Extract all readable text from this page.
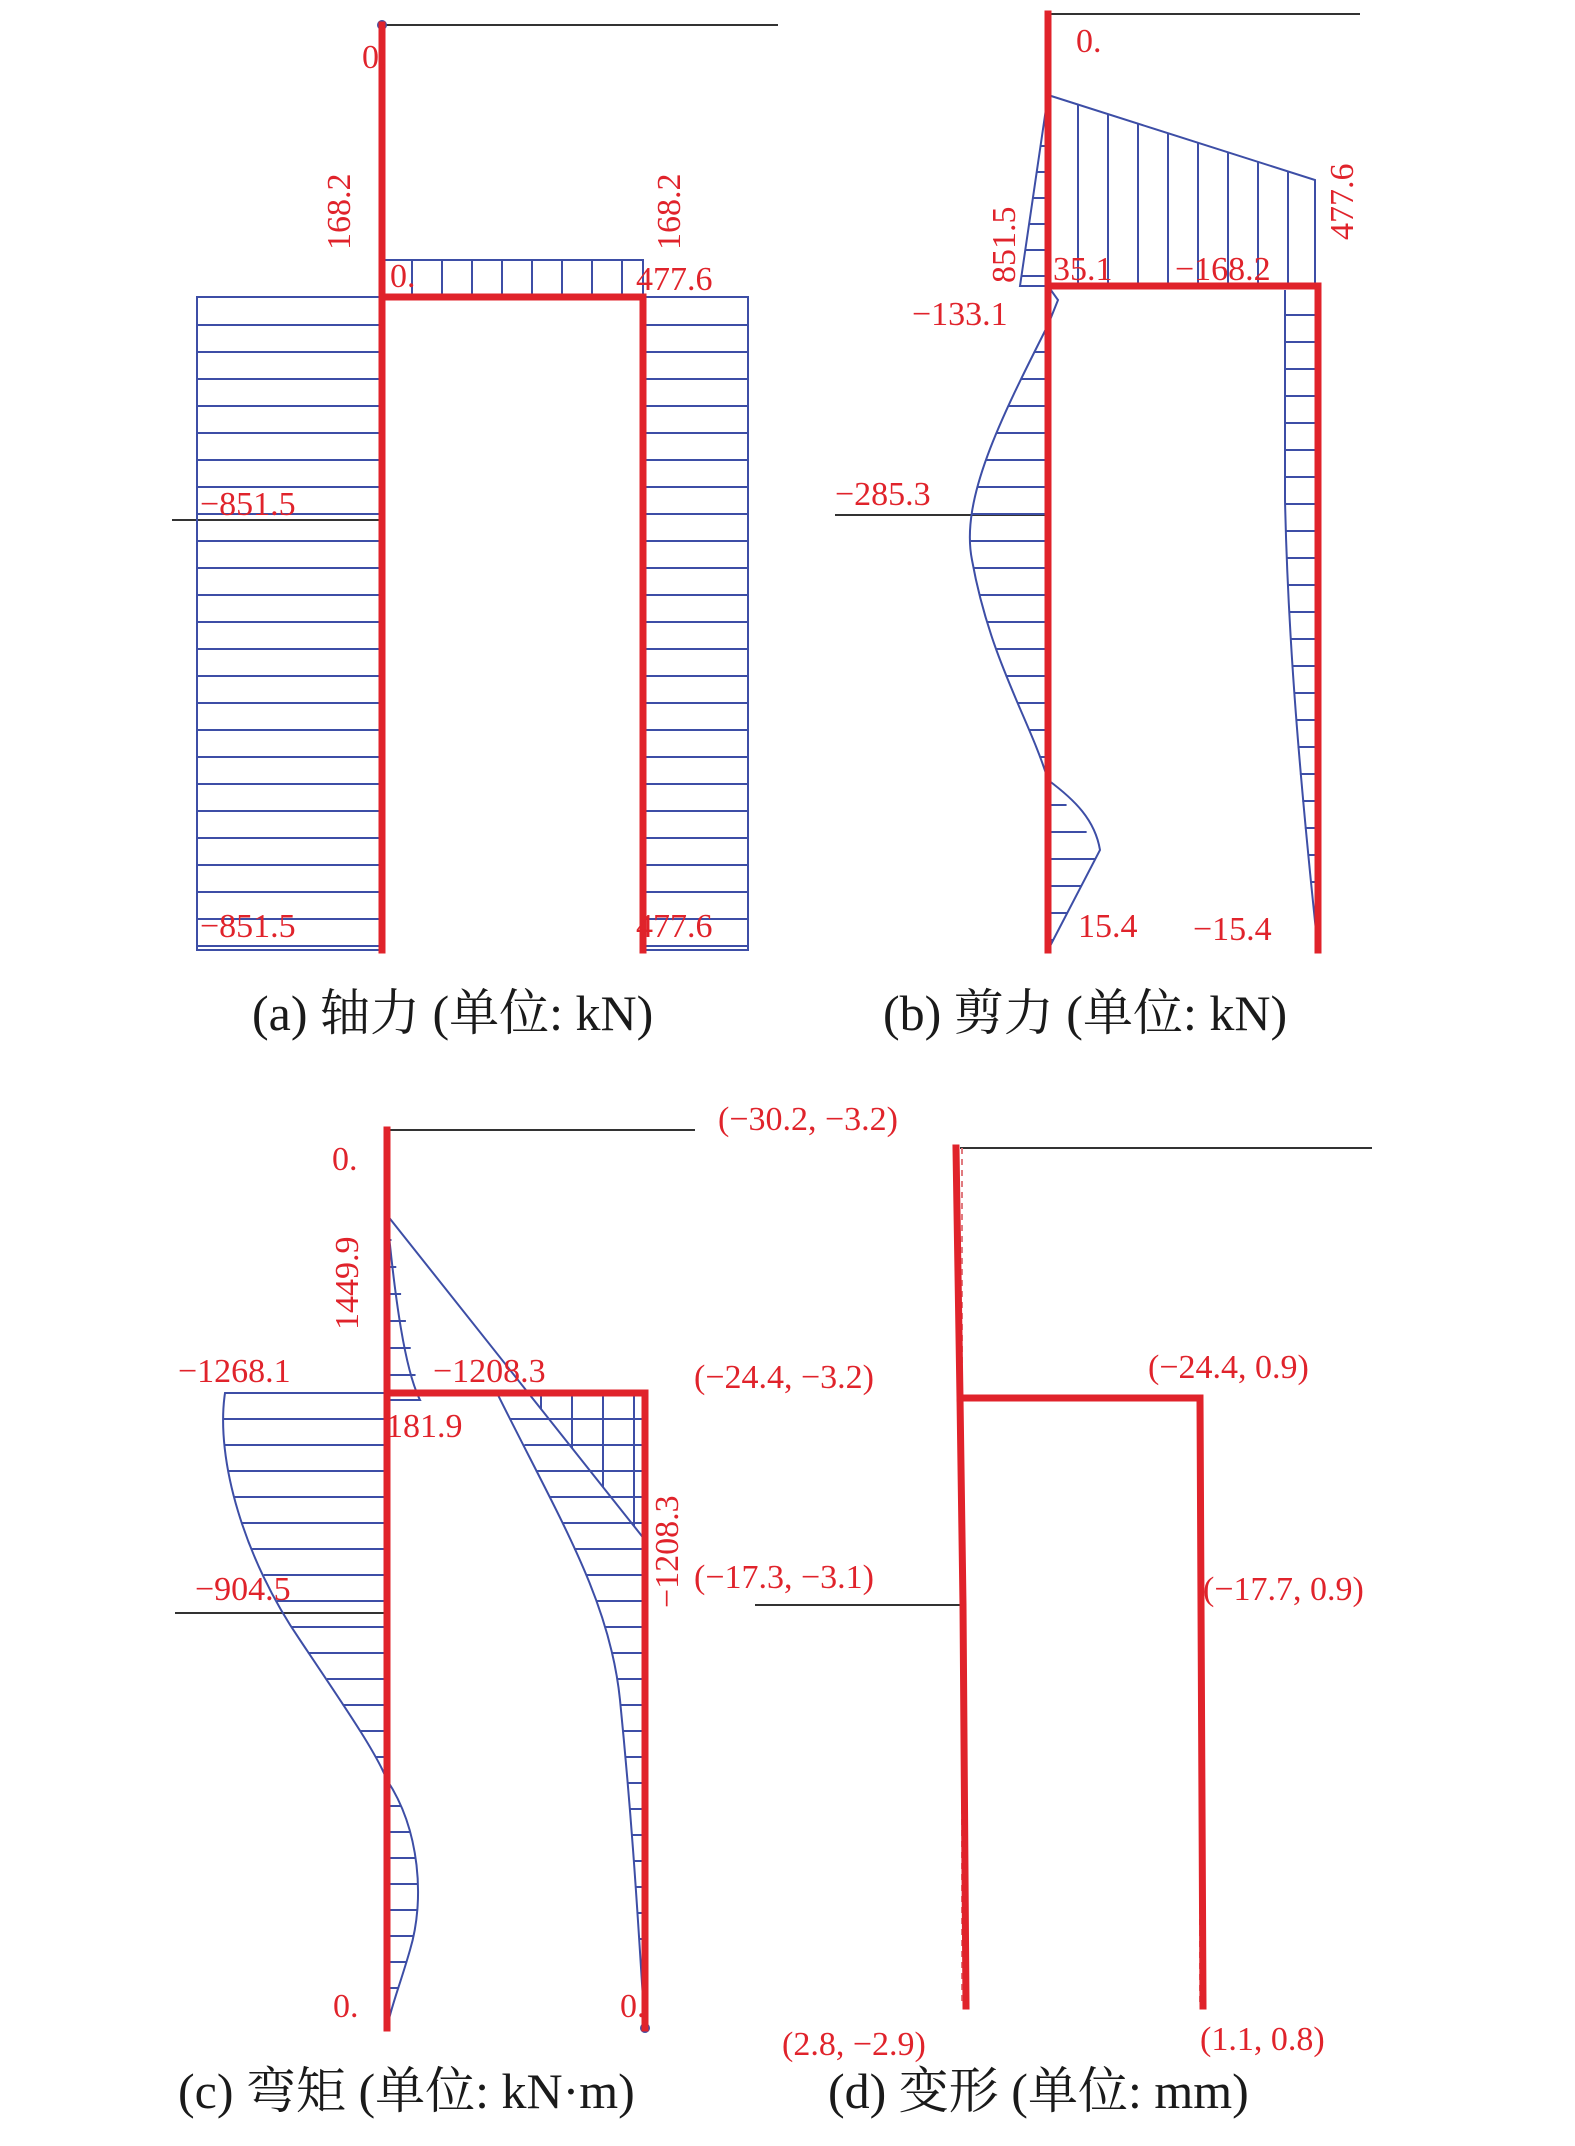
0.
168.2	168.2
0.	477.6
−851.5
−851.5	477.6
(a) 轴力 (单位: kN)
0.
477.6
851.5 35.1 −168.2
−133.1
−285.3
15.4 −15.4
(b) 剪力 (单位: kN)
0.
1449.9
−1268.1	−1208.3
181.9
−1208.3
−904.5
0.	0.
(c) 弯矩 (单位: kN·m)
(−30.2, −3.2)
(−24.4, −3.2)	(−24.4, 0.9)
(−17.3, −3.1)	(−17.7, 0.9)
(2.8, −2.9)	(1.1, 0.8)
(d) 变形 (单位: mm)
